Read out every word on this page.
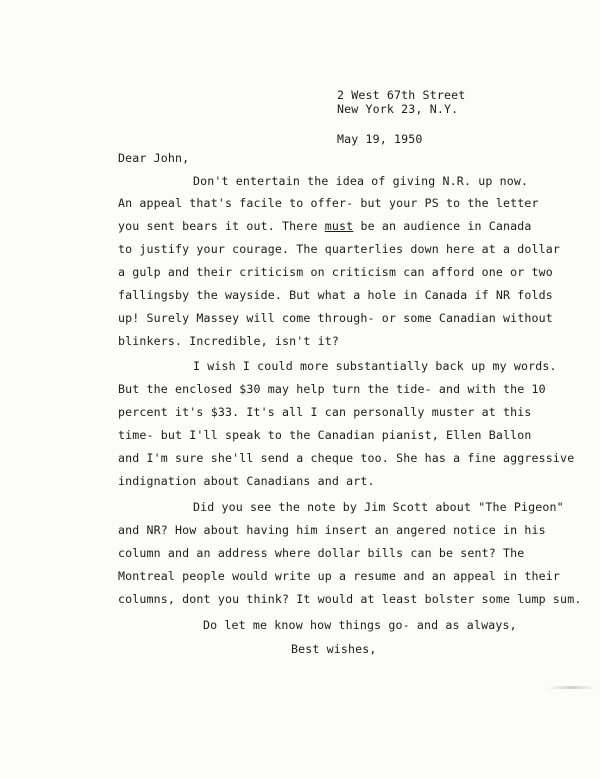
2 West 67th Street
New York 23, N.Y.
May 19, 1950
Dear John,
Don't entertain the idea of giving N.R. up now.
An appeal that's facile to offer- but your PS to the letter
you sent bears it out. There must be an audience in Canada
to justify your courage. The quarterlies down here at a dollar
a gulp and their criticism on criticism can afford one or two
fallingsby the wayside. But what a hole in Canada if NR folds
up! Surely Massey will come through- or some Canadian without
blinkers. Incredible, isn't it?
I wish I could more substantially back up my words.
But the enclosed $30 may help turn the tide- and with the 10
percent it's $33. It's all I can personally muster at this
time- but I'll speak to the Canadian pianist, Ellen Ballon
and I'm sure she'll send a cheque too. She has a fine aggressive
indignation about Canadians and art.
Did you see the note by Jim Scott about "The Pigeon"
and NR? How about having him insert an angered notice in his
column and an address where dollar bills can be sent? The
Montreal people would write up a resume and an appeal in their
columns, dont you think? It would at least bolster some lump sum.
Do let me know how things go- and as always,
Best wishes,
